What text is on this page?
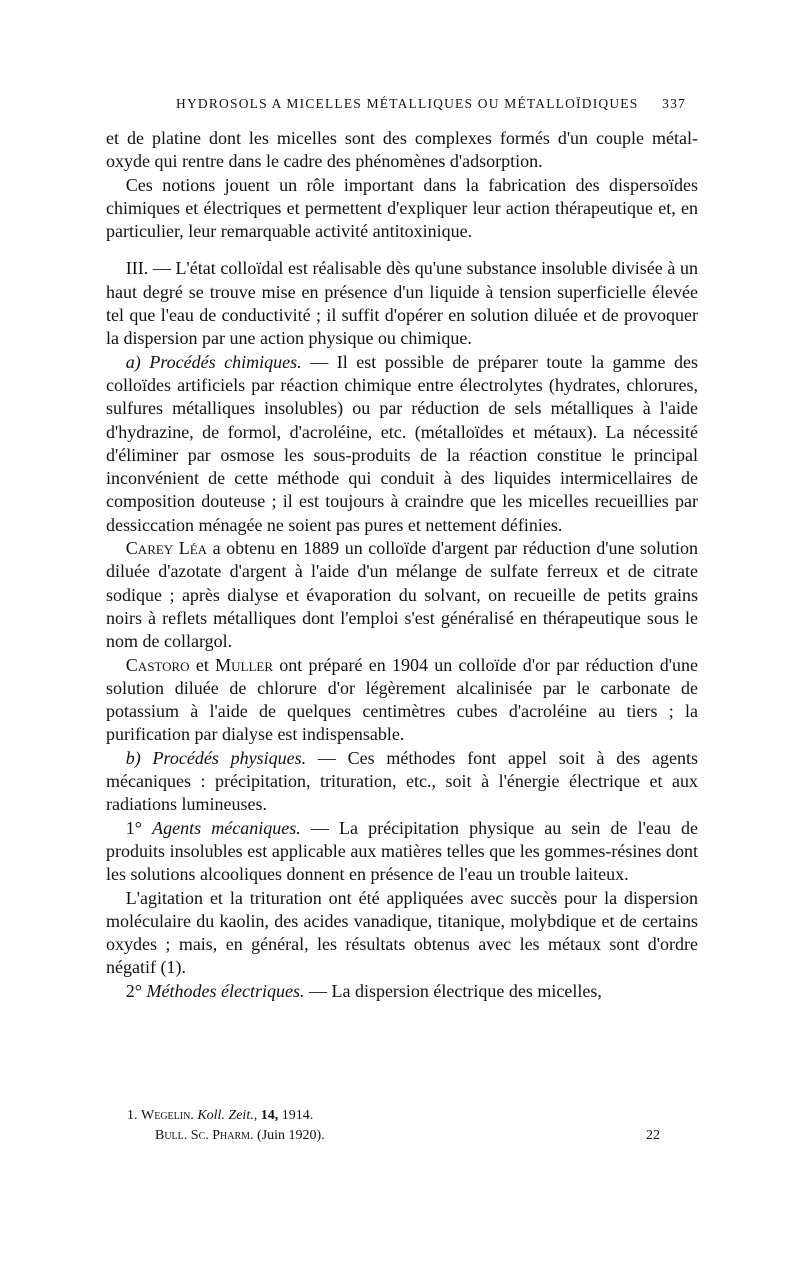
HYDROSOLS A MICELLES MÉTALLIQUES OU MÉTALLOÏDIQUES 337

et de platine dont les micelles sont des complexes formés d'un couple métal-oxyde qui rentre dans le cadre des phénomènes d'adsorption.

Ces notions jouent un rôle important dans la fabrication des dispersoïdes chimiques et électriques et permettent d'expliquer leur action thérapeutique et, en particulier, leur remarquable activité antitoxinique.

III. — L'état colloïdal est réalisable dès qu'une substance insoluble divisée à un haut degré se trouve mise en présence d'un liquide à tension superficielle élevée tel que l'eau de conductivité ; il suffit d'opérer en solution diluée et de provoquer la dispersion par une action physique ou chimique.

a) Procédés chimiques. — Il est possible de préparer toute la gamme des colloïdes artificiels par réaction chimique entre électrolytes (hydrates, chlorures, sulfures métalliques insolubles) ou par réduction de sels métalliques à l'aide d'hydrazine, de formol, d'acroléine, etc. (métalloïdes et métaux). La nécessité d'éliminer par osmose les sous-produits de la réaction constitue le principal inconvénient de cette méthode qui conduit à des liquides intermicellaires de composition douteuse ; il est toujours à craindre que les micelles recueillies par dessiccation ménagée ne soient pas pures et nettement définies.

Carey Léa a obtenu en 1889 un colloïde d'argent par réduction d'une solution diluée d'azotate d'argent à l'aide d'un mélange de sulfate ferreux et de citrate sodique ; après dialyse et évaporation du solvant, on recueille de petits grains noirs à reflets métalliques dont l'emploi s'est généralisé en thérapeutique sous le nom de collargol.

Castoro et Muller ont préparé en 1904 un colloïde d'or par réduction d'une solution diluée de chlorure d'or légèrement alcalinisée par le carbonate de potassium à l'aide de quelques centimètres cubes d'acroléine au tiers ; la purification par dialyse est indispensable.

b) Procédés physiques. — Ces méthodes font appel soit à des agents mécaniques : précipitation, trituration, etc., soit à l'énergie électrique et aux radiations lumineuses.

1° Agents mécaniques. — La précipitation physique au sein de l'eau de produits insolubles est applicable aux matières telles que les gommes-résines dont les solutions alcooliques donnent en présence de l'eau un trouble laiteux.

L'agitation et la trituration ont été appliquées avec succès pour la dispersion moléculaire du kaolin, des acides vanadique, titanique, molybdique et de certains oxydes ; mais, en général, les résultats obtenus avec les métaux sont d'ordre négatif (1).

2° Méthodes électriques. — La dispersion électrique des micelles,

1. Wegelin. Koll. Zeit., 14, 1914.
Bull. Sc. Pharm. (Juin 1920).	22
